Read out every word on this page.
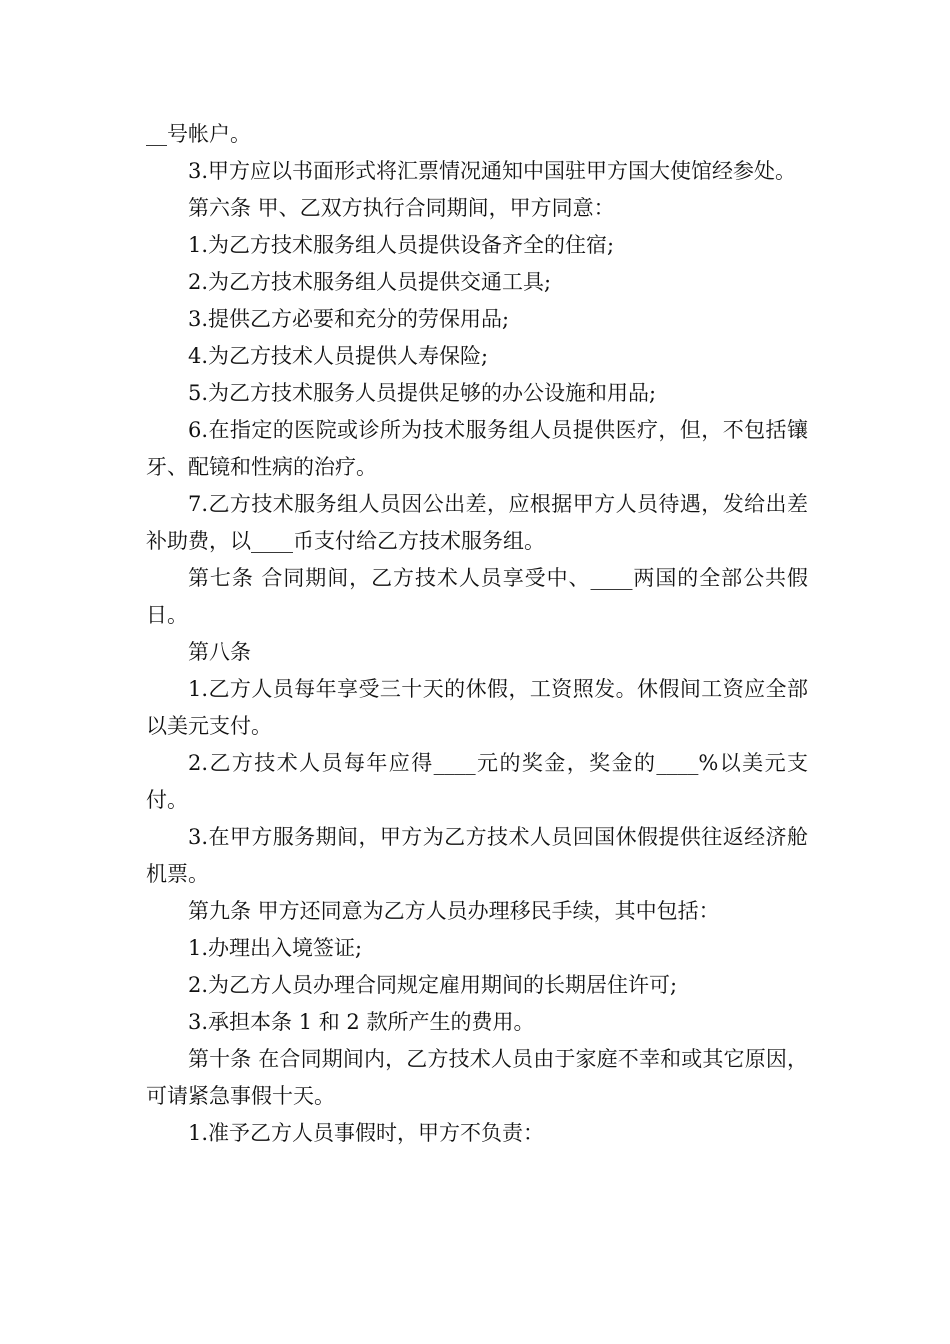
__号帐户。

3.甲方应以书面形式将汇票情况通知中国驻甲方国大使馆经参处。

第六条 甲、乙双方执行合同期间，甲方同意：

1.为乙方技术服务组人员提供设备齐全的住宿;

2.为乙方技术服务组人员提供交通工具;

3.提供乙方必要和充分的劳保用品;

4.为乙方技术人员提供人寿保险;

5.为乙方技术服务人员提供足够的办公设施和用品;

6.在指定的医院或诊所为技术服务组人员提供医疗，但，不包括镶牙、配镜和性病的治疗。

7.乙方技术服务组人员因公出差，应根据甲方人员待遇，发给出差补助费，以____币支付给乙方技术服务组。

第七条 合同期间，乙方技术人员享受中、____两国的全部公共假日。

第八条

1.乙方人员每年享受三十天的休假，工资照发。休假间工资应全部以美元支付。

2.乙方技术人员每年应得____元的奖金，奖金的____%以美元支付。

3.在甲方服务期间，甲方为乙方技术人员回国休假提供往返经济舱机票。

第九条 甲方还同意为乙方人员办理移民手续，其中包括：

1.办理出入境签证;

2.为乙方人员办理合同规定雇用期间的长期居住许可;

3.承担本条 1 和 2 款所产生的费用。

第十条 在合同期间内，乙方技术人员由于家庭不幸和或其它原因，可请紧急事假十天。

1.准予乙方人员事假时，甲方不负责：
